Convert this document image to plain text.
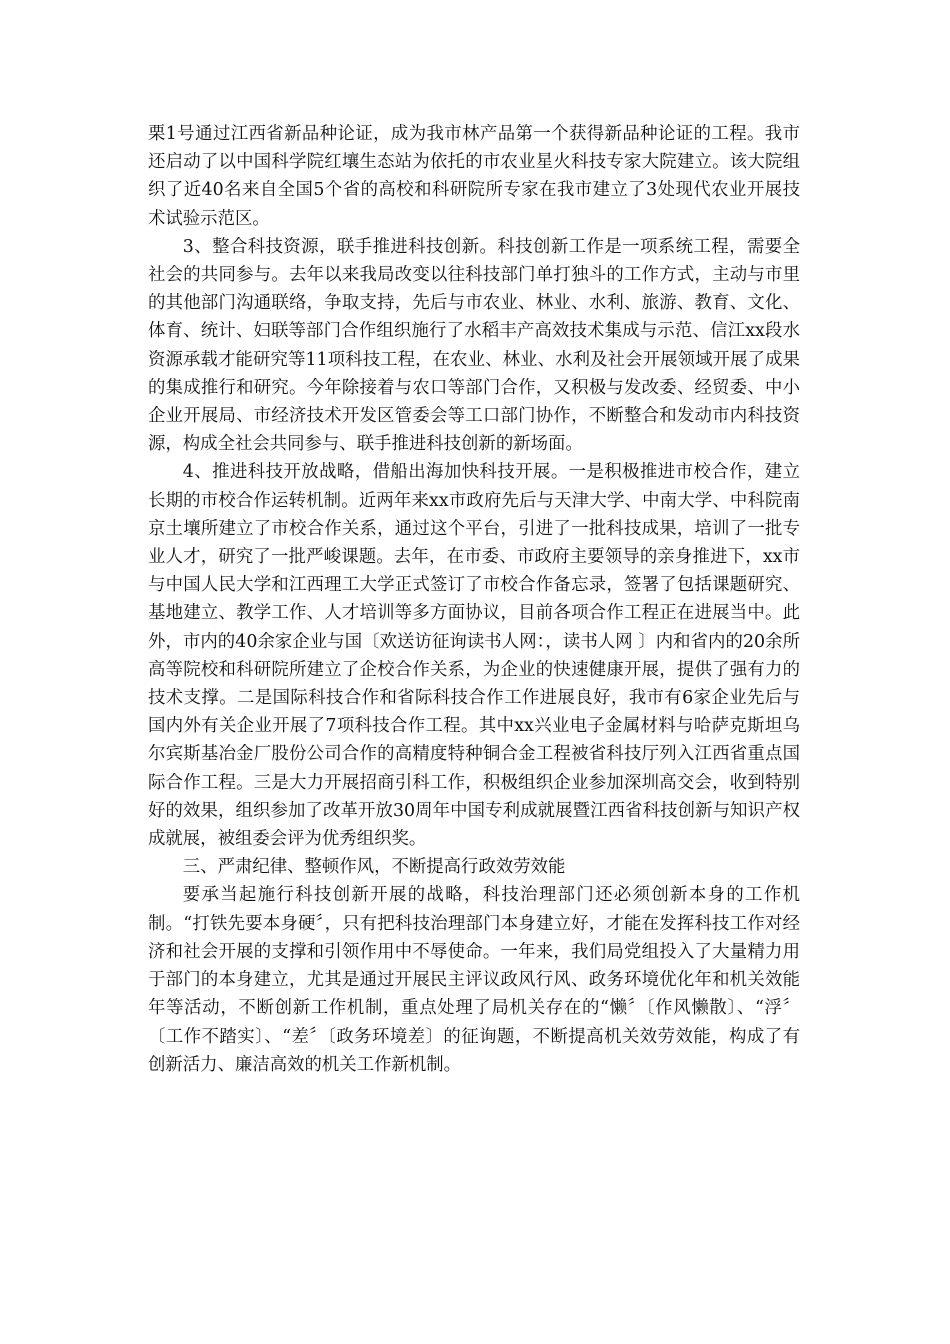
栗1号通过江西省新品种论证，成为我市林产品第一个获得新品种论证的工程。我市还启动了以中国科学院红壤生态站为依托的市农业星火科技专家大院建立。该大院组织了近40名来自全国5个省的高校和科研院所专家在我市建立了3处现代农业开展技术试验示范区。

3、整合科技资源，联手推进科技创新。科技创新工作是一项系统工程，需要全社会的共同参与。去年以来我局改变以往科技部门单打独斗的工作方式，主动与市里的其他部门沟通联络，争取支持，先后与市农业、林业、水利、旅游、教育、文化、体育、统计、妇联等部门合作组织施行了水稻丰产高效技术集成与示范、信江xx段水资源承载才能研究等11项科技工程，在农业、林业、水利及社会开展领域开展了成果的集成推行和研究。今年除接着与农口等部门合作，又积极与发改委、经贸委、中小企业开展局、市经济技术开发区管委会等工口部门协作，不断整合和发动市内科技资源，构成全社会共同参与、联手推进科技创新的新场面。

4、推进科技开放战略，借船出海加快科技开展。一是积极推进市校合作，建立长期的市校合作运转机制。近两年来xx市政府先后与天津大学、中南大学、中科院南京土壤所建立了市校合作关系，通过这个平台，引进了一批科技成果，培训了一批专业人才，研究了一批严峻课题。去年，在市委、市政府主要领导的亲身推进下，xx市与中国人民大学和江西理工大学正式签订了市校合作备忘录，签署了包括课题研究、基地建立、教学工作、人才培训等多方面协议，目前各项合作工程正在进展当中。此外，市内的40余家企业与国〔欢送访征询读书人网：，读书人网 〕内和省内的20余所高等院校和科研院所建立了企校合作关系，为企业的快速健康开展，提供了强有力的技术支撑。二是国际科技合作和省际科技合作工作进展良好，我市有6家企业先后与国内外有关企业开展了7项科技合作工程。其中xx兴业电子金属材料与哈萨克斯坦乌尔宾斯基冶金厂股份公司合作的高精度特种铜合金工程被省科技厅列入江西省重点国际合作工程。三是大力开展招商引科工作，积极组织企业参加深圳高交会，收到特别好的效果，组织参加了改革开放30周年中国专利成就展暨江西省科技创新与知识产权成就展，被组委会评为优秀组织奖。

三、严肃纪律、整顿作风，不断提高行政效劳效能

要承当起施行科技创新开展的战略，科技治理部门还必须创新本身的工作机制。“打铁先要本身硬〞，只有把科技治理部门本身建立好，才能在发挥科技工作对经济和社会开展的支撑和引领作用中不辱使命。一年来，我们局党组投入了大量精力用于部门的本身建立，尤其是通过开展民主评议政风行风、政务环境优化年和机关效能年等活动，不断创新工作机制，重点处理了局机关存在的“懒〞〔作风懒散〕、“浮〞〔工作不踏实〕、“差〞〔政务环境差〕的征询题，不断提高机关效劳效能，构成了有创新活力、廉洁高效的机关工作新机制。
